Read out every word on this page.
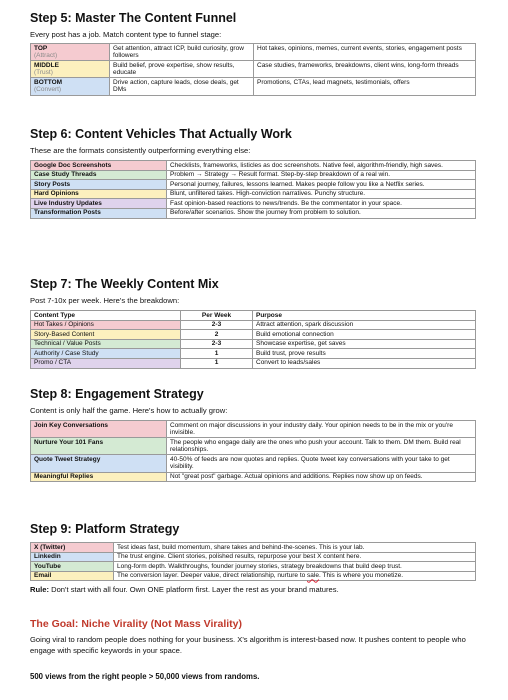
Step 5: Master The Content Funnel
Every post has a job. Match content type to funnel stage:
TOP
(Attract)	Get attention, attract ICP, build curiosity, grow followers	Hot takes, opinions, memes, current events, stories, engagement posts
MIDDLE
(Trust)	Build belief, prove expertise, show results, educate	Case studies, frameworks, breakdowns, client wins, long-form threads
BOTTOM
(Convert)	Drive action, capture leads, close deals, get DMs	Promotions, CTAs, lead magnets, testimonials, offers
Step 6: Content Vehicles That Actually Work
These are the formats consistently outperforming everything else:
Google Doc Screenshots	Checklists, frameworks, listicles as doc screenshots. Native feel, algorithm-friendly, high saves.
Case Study Threads	Problem → Strategy → Result format. Step-by-step breakdown of a real win.
Story Posts	Personal journey, failures, lessons learned. Makes people follow you like a Netflix series.
Hard Opinions	Blunt, unfiltered takes. High-conviction narratives. Punchy structure.
Live Industry Updates	Fast opinion-based reactions to news/trends. Be the commentator in your space.
Transformation Posts	Before/after scenarios. Show the journey from problem to solution.
Step 7: The Weekly Content Mix
Post 7-10x per week. Here's the breakdown:
Content Type	Per Week	Purpose
Hot Takes / Opinions	2-3	Attract attention, spark discussion
Story-Based Content	2	Build emotional connection
Technical / Value Posts	2-3	Showcase expertise, get saves
Authority / Case Study	1	Build trust, prove results
Promo / CTA	1	Convert to leads/sales
Step 8: Engagement Strategy
Content is only half the game. Here's how to actually grow:
Join Key Conversations	Comment on major discussions in your industry daily. Your opinion needs to be in the mix or you're invisible.
Nurture Your 101 Fans	The people who engage daily are the ones who push your account. Talk to them. DM them. Build real relationships.
Quote Tweet Strategy	40-50% of feeds are now quotes and replies. Quote tweet key conversations with your take to get visibility.
Meaningful Replies	Not "great post" garbage. Actual opinions and additions. Replies now show up on feeds.
Step 9: Platform Strategy
X (Twitter)	Test ideas fast, build momentum, share takes and behind-the-scenes. This is your lab.
Linkedin	The trust engine. Client stories, polished results, repurpose your best X content here.
YouTube	Long-form depth. Walkthroughs, founder journey stories, strategy breakdowns that build deep trust.
Email	The conversion layer. Deeper value, direct relationship, nurture to sale. This is where you monetize.
Rule: Don't start with all four. Own ONE platform first. Layer the rest as your brand matures.
The Goal: Niche Virality (Not Mass Virality)
Going viral to random people does nothing for your business. X's algorithm is interest-based now. It pushes content to people who engage with specific keywords in your space.
500 views from the right people > 50,000 views from randoms.
